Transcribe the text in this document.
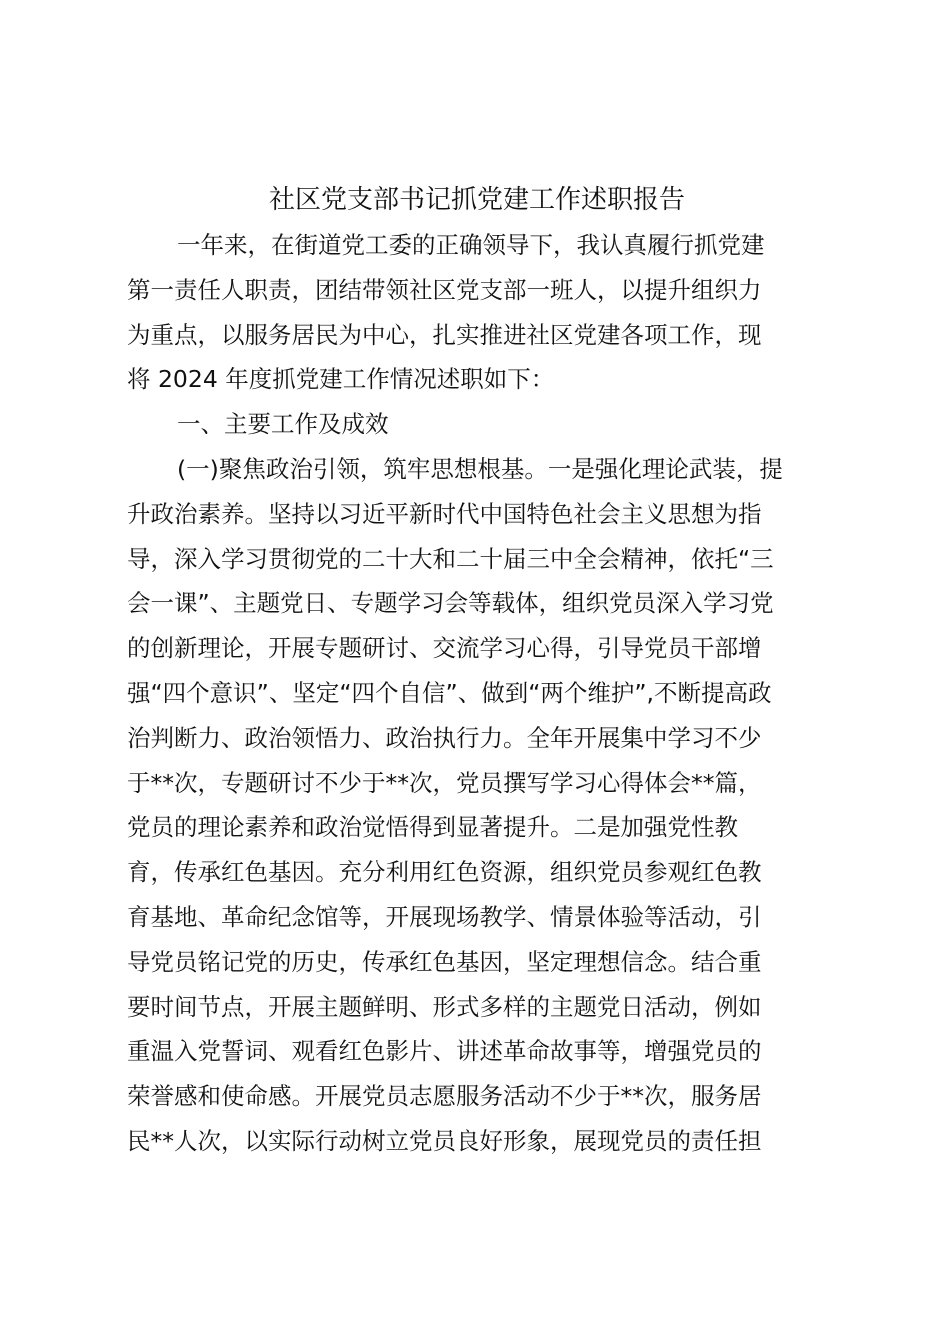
社区党支部书记抓党建工作述职报告

一年来，在街道党工委的正确领导下，我认真履行抓党建

第一责任人职责，团结带领社区党支部一班人，以提升组织力

为重点，以服务居民为中心，扎实推进社区党建各项工作，现

将 2024 年度抓党建工作情况述职如下：

一、主要工作及成效

(一)聚焦政治引领，筑牢思想根基。一是强化理论武装，提

升政治素养。坚持以习近平新时代中国特色社会主义思想为指

导，深入学习贯彻党的二十大和二十届三中全会精神，依托“三

会一课”、主题党日、专题学习会等载体，组织党员深入学习党

的创新理论，开展专题研讨、交流学习心得，引导党员干部增

强“四个意识”、坚定“四个自信”、做到“两个维护”,不断提高政

治判断力、政治领悟力、政治执行力。全年开展集中学习不少

于**次，专题研讨不少于**次，党员撰写学习心得体会**篇，

党员的理论素养和政治觉悟得到显著提升。二是加强党性教

育，传承红色基因。充分利用红色资源，组织党员参观红色教

育基地、革命纪念馆等，开展现场教学、情景体验等活动，引

导党员铭记党的历史，传承红色基因，坚定理想信念。结合重

要时间节点，开展主题鲜明、形式多样的主题党日活动，例如

重温入党誓词、观看红色影片、讲述革命故事等，增强党员的

荣誉感和使命感。开展党员志愿服务活动不少于**次，服务居

民**人次，以实际行动树立党员良好形象，展现党员的责任担
